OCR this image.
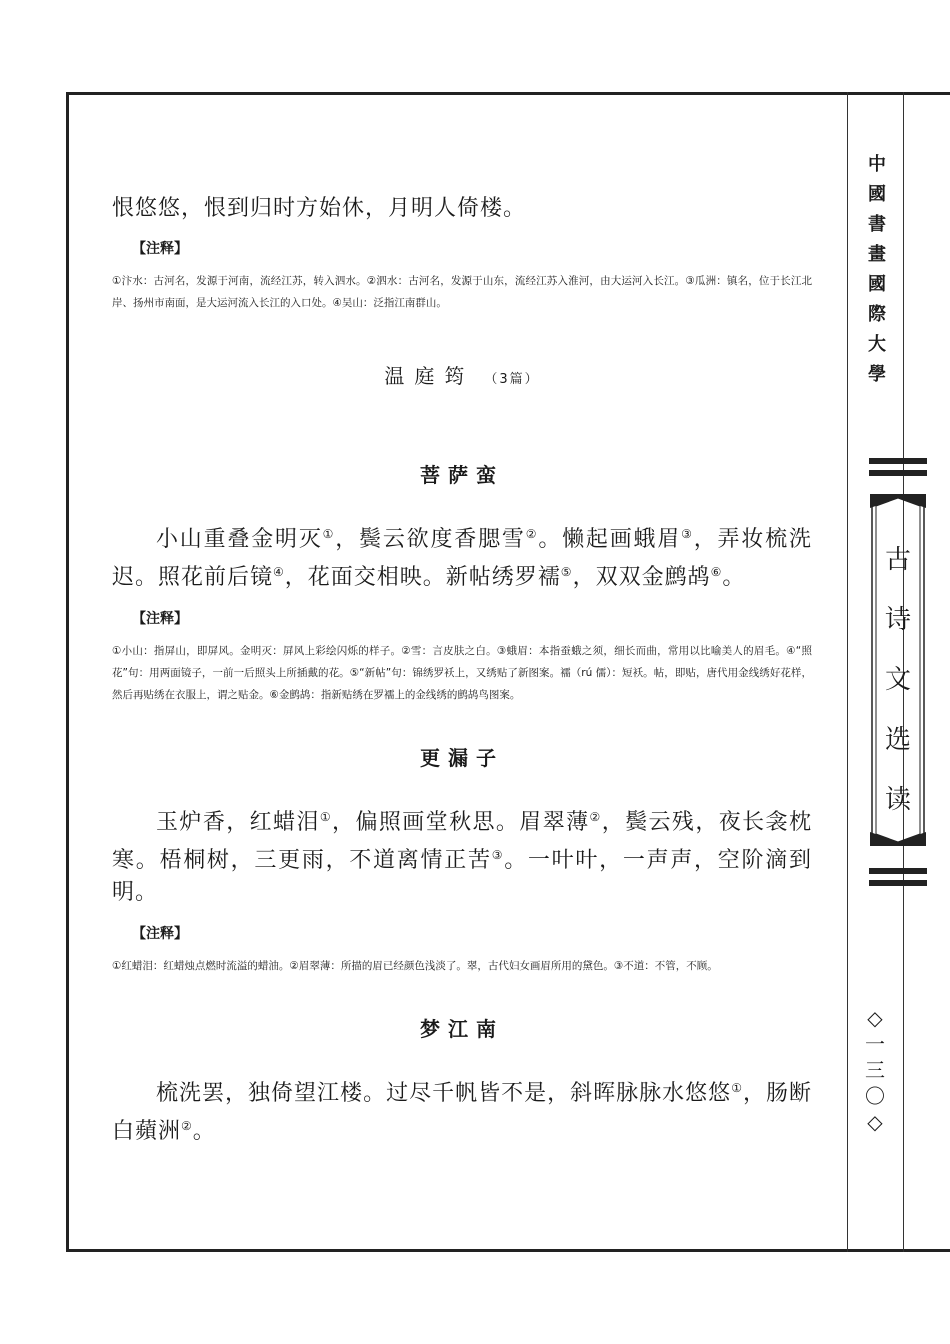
恨悠悠，恨到归时方始休，月明人倚楼。
【注释】
①汴水：古河名，发源于河南，流经江苏，转入泗水。②泗水：古河名，发源于山东，流经江苏入淮河，由大运河入长江。③瓜洲：镇名，位于长江北岸、扬州市南面，是大运河流入长江的入口处。④吴山：泛指江南群山。
温庭筠 （3篇）
菩萨蛮
小山重叠金明灭①，鬓云欲度香腮雪②。懒起画蛾眉③，弄妆梳洗迟。照花前后镜④，花面交相映。新帖绣罗襦⑤，双双金鹧鸪⑥。
【注释】
①小山：指屏山，即屏风。金明灭：屏风上彩绘闪烁的样子。②雪：言皮肤之白。③蛾眉：本指蚕蛾之须，细长而曲，常用以比喻美人的眉毛。④“照花”句：用两面镜子，一前一后照头上所插戴的花。⑤“新帖”句：锦绣罗袄上，又绣贴了新图案。襦（rú 儒）：短袄。帖，即贴，唐代用金线绣好花样，然后再贴绣在衣服上，谓之贴金。⑥金鹧鸪：指新贴绣在罗襦上的金线绣的鹧鸪鸟图案。
更漏子
玉炉香，红蜡泪①，偏照画堂秋思。眉翠薄②，鬓云残，夜长衾枕寒。梧桐树，三更雨，不道离情正苦③。一叶叶，一声声，空阶滴到明。
【注释】
①红蜡泪：红蜡烛点燃时流溢的蜡油。②眉翠薄：所描的眉已经颜色浅淡了。翠，古代妇女画眉所用的黛色。③不道：不管，不顾。
梦江南
梳洗罢，独倚望江楼。过尽千帆皆不是，斜晖脉脉水悠悠①，肠断白蘋洲②。
中
國
書
畫
國
際
大
學
古
诗
文
选
读
◇
一
三
〇
◇
